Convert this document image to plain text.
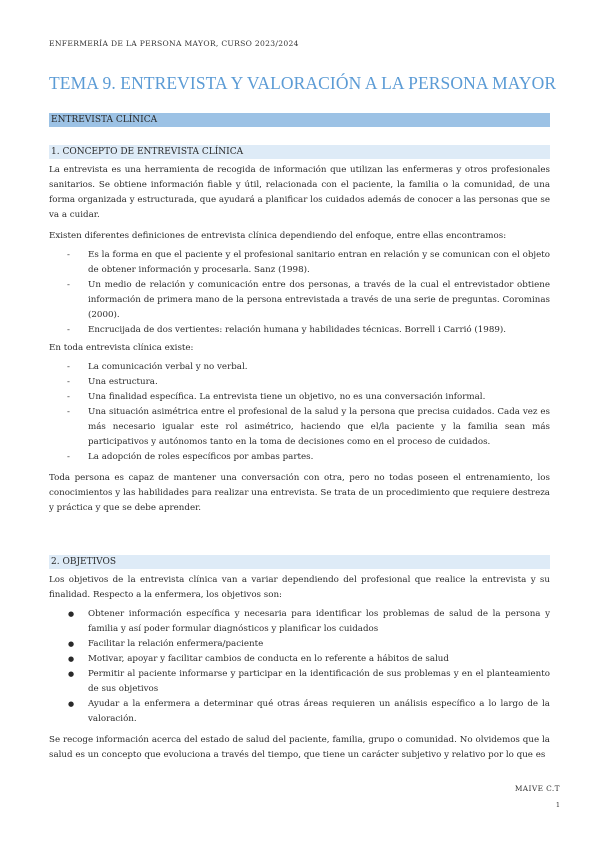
ENFERMERÍA DE LA PERSONA MAYOR, CURSO 2023/2024
TEMA 9. ENTREVISTA Y VALORACIÓN A LA PERSONA MAYOR
ENTREVISTA CLÍNICA
1. CONCEPTO DE ENTREVISTA CLÍNICA

La entrevista es una herramienta de recogida de información que utilizan las enfermeras y otros profesionales sanitarios. Se obtiene información fiable y útil, relacionada con el paciente, la familia o la comunidad, de una forma organizada y estructurada, que ayudará a planificar los cuidados además de conocer a las personas que se va a cuidar.

Existen diferentes definiciones de entrevista clínica dependiendo del enfoque, entre ellas encontramos:

- Es la forma en que el paciente y el profesional sanitario entran en relación y se comunican con el objeto de obtener información y procesarla. Sanz (1998).
- Un medio de relación y comunicación entre dos personas, a través de la cual el entrevistador obtiene información de primera mano de la persona entrevistada a través de una serie de preguntas. Corominas (2000).
- Encrucijada de dos vertientes: relación humana y habilidades técnicas. Borrell i Carrió (1989).

En toda entrevista clínica existe:

- La comunicación verbal y no verbal.
- Una estructura.
- Una finalidad específica. La entrevista tiene un objetivo, no es una conversación informal.
- Una situación asimétrica entre el profesional de la salud y la persona que precisa cuidados. Cada vez es más necesario igualar este rol asimétrico, haciendo que el/la paciente y la familia sean más participativos y autónomos tanto en la toma de decisiones como en el proceso de cuidados.
- La adopción de roles específicos por ambas partes.

Toda persona es capaz de mantener una conversación con otra, pero no todas poseen el entrenamiento, los conocimientos y las habilidades para realizar una entrevista. Se trata de un procedimiento que requiere destreza y práctica y que se debe aprender.

2. OBJETIVOS

Los objetivos de la entrevista clínica van a variar dependiendo del profesional que realice la entrevista y su finalidad. Respecto a la enfermera, los objetivos son:

● Obtener información específica y necesaria para identificar los problemas de salud de la persona y familia y así poder formular diagnósticos y planificar los cuidados
● Facilitar la relación enfermera/paciente
● Motivar, apoyar y facilitar cambios de conducta en lo referente a hábitos de salud
● Permitir al paciente informarse y participar en la identificación de sus problemas y en el planteamiento de sus objetivos
● Ayudar a la enfermera a determinar qué otras áreas requieren un análisis específico a lo largo de la valoración.

Se recoge información acerca del estado de salud del paciente, familia, grupo o comunidad. No olvidemos que la salud es un concepto que evoluciona a través del tiempo, que tiene un carácter subjetivo y relativo por lo que es

MAIVE C.T
1
